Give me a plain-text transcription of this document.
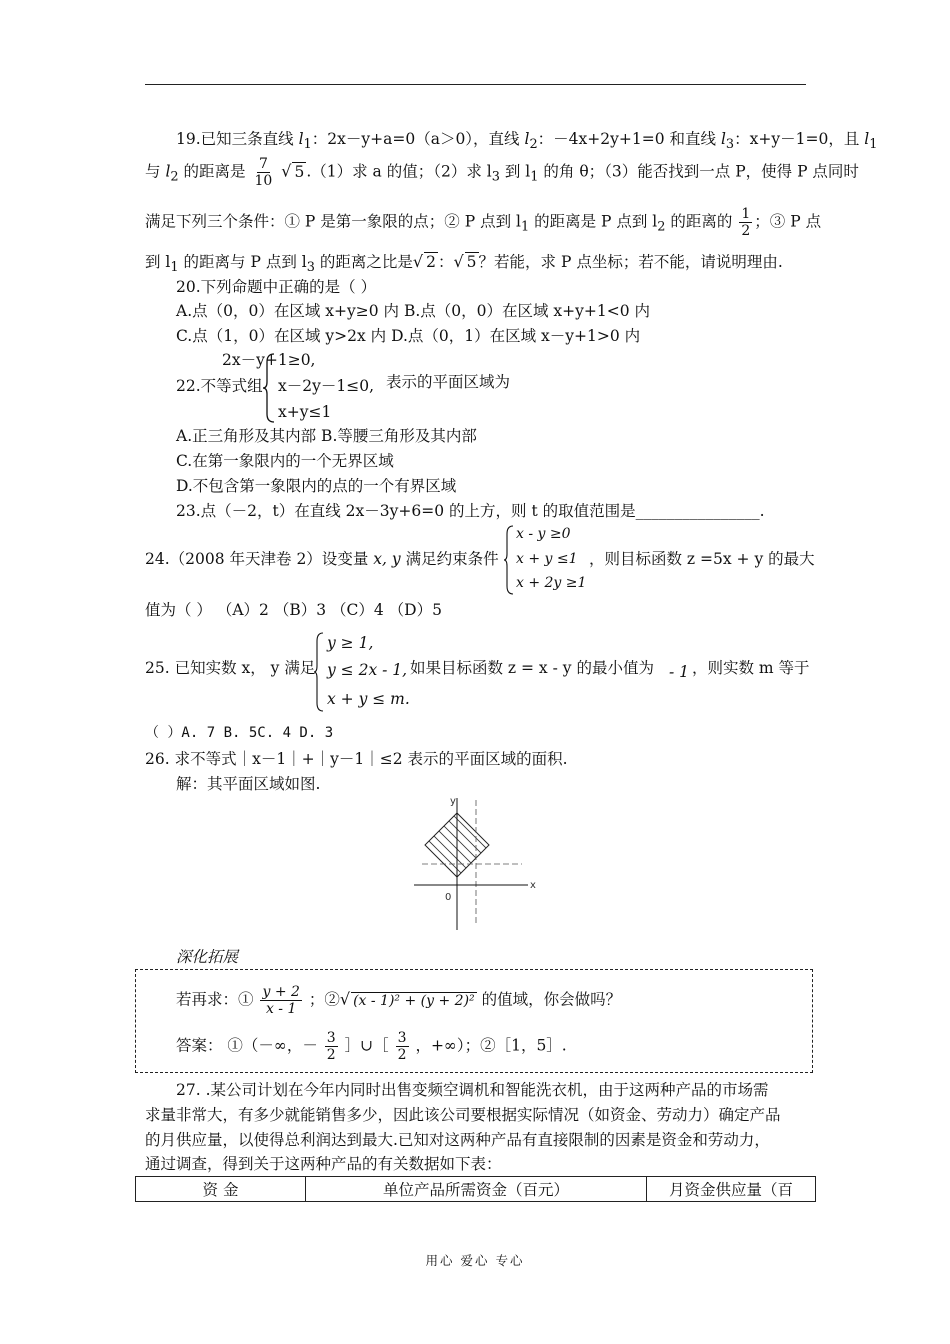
19.已知三条直线 $l_1$：2x－y+a=0（a＞0），直线 $l_2$：－4x+2y+1=0 和直线 $l_3$：x+y－1=0，且 $l_1$
与 $l_2$ 的距离是 $\frac{7}{10}$ √ 5 .（1）求 a 的值；（2）求 $l_3$ 到 $l_1$ 的角 θ；（3）能否找到一点 P，使得 P 点同时
满足下列三个条件：① P 是第一象限的点；② P 点到 $l_1$ 的距离是 P 点到 $l_2$ 的距离的 $\frac{1}{2}$ ；③ P 点
到 $l_1$ 的距离与 P 点到 $l_3$ 的距离之比是√ 2 ：√ 5 ？若能，求 P 点坐标；若不能，请说明理由.
20.下列命题中正确的是（ ）
A.点（0，0）在区域 x+y≥0 内 B.点（0，0）在区域 x+y+1<0 内
C.点（1，0）在区域 y>2x 内 D.点（0，1）在区域 x－y+1>0 内
2x－y+1≥0,
22.不等式组 x－2y－1≤0, 表示的平面区域为
x+y≤1
A.正三角形及其内部 B.等腰三角形及其内部
C.在第一象限内的一个无界区域
D.不包含第一象限内的点的一个有界区域
23.点（－2，t）在直线 2x－3y+6=0 的上方，则 t 的取值范围是________________.
24.（2008 年天津卷 2）设变量 x, y 满足约束条件
x - y ≥0
x + y ≤1
x + 2y ≥1
，则目标函数 z =5x + y 的最大
值为（ ） （A）2 （B）3 （C）4 （D）5
25. 已知实数 x， y 满足
y ≥ 1,
y ≤ 2x - 1,
x + y ≤ m.
如果目标函数 z = x - y 的最小值为 - 1 ，则实数 m 等于
（ ）A. 7 B. 5C. 4 D. 3
26. 求不等式｜x－1｜+｜y－1｜≤2 表示的平面区域的面积.
解：其平面区域如图.
x
y
0
深化拓展
若再求：① $\frac{y + 2}{x - 1}$ ；②√ (x - 1)² + (y + 2)² 的值域，你会做吗？
答案： ①（－∞，－ $\frac{3}{2}$ ］∪［ $\frac{3}{2}$ ，+∞）；②［1，5］.
27. .某公司计划在今年内同时出售变频空调机和智能洗衣机，由于这两种产品的市场需
求量非常大，有多少就能销售多少，因此该公司要根据实际情况（如资金、劳动力）确定产品
的月供应量，以使得总利润达到最大.已知对这两种产品有直接限制的因素是资金和劳动力，
通过调查，得到关于这两种产品的有关数据如下表：
资 金	单位产品所需资金（百元）	月资金供应量（百
用心 爱心 专心
